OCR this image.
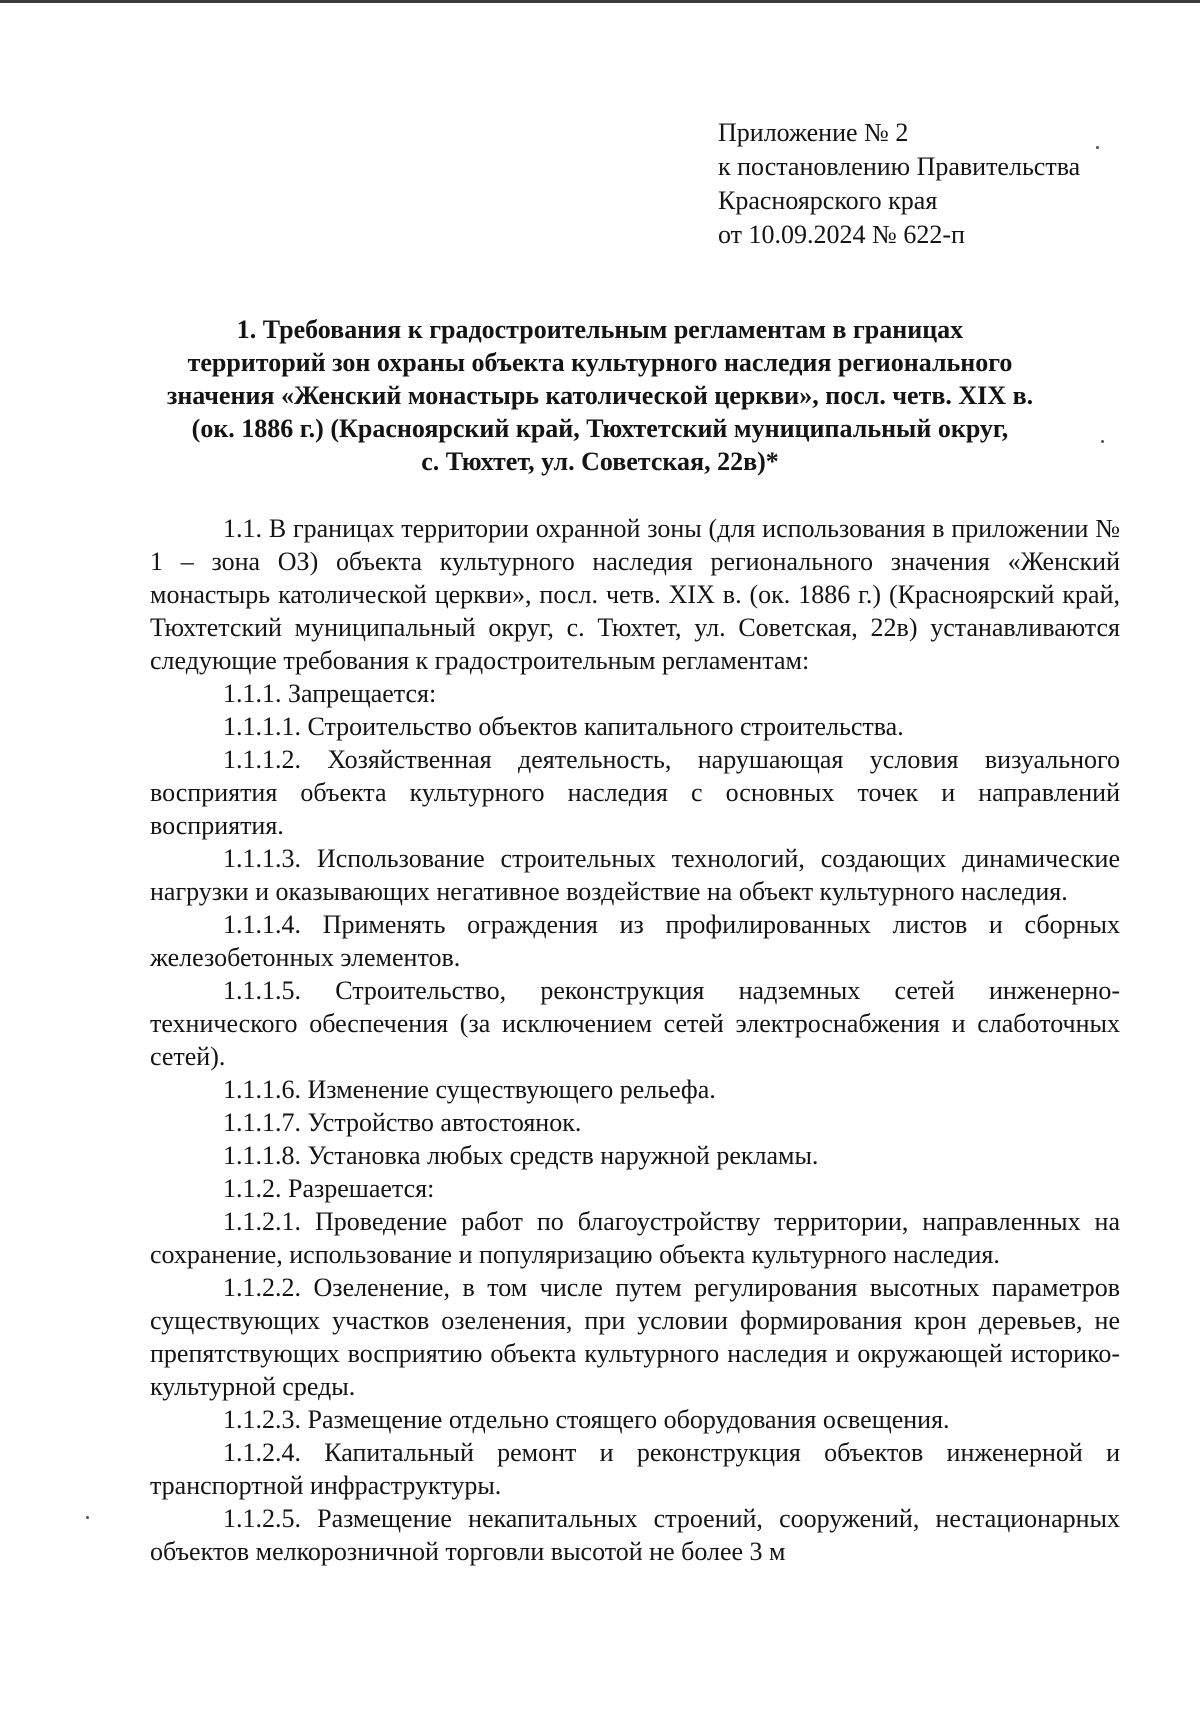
Приложение № 2
к постановлению Правительства
Красноярского края
от 10.09.2024 № 622-п
1. Требования к градостроительным регламентам в границах
территорий зон охраны объекта культурного наследия регионального
значения «Женский монастырь католической церкви», посл. четв. XIX в.
(ок. 1886 г.) (Красноярский край, Тюхтетский муниципальный округ,
с. Тюхтет, ул. Советская, 22в)*

1.1. В границах территории охранной зоны (для использования в приложении № 1 – зона ОЗ) объекта культурного наследия регионального значения «Женский монастырь католической церкви», посл. четв. XIX в. (ок. 1886 г.) (Красноярский край, Тюхтетский муниципальный округ, с. Тюхтет, ул. Советская, 22в) устанавливаются следующие требования к градостроительным регламентам:

1.1.1. Запрещается:

1.1.1.1. Строительство объектов капитального строительства.

1.1.1.2. Хозяйственная деятельность, нарушающая условия визуального восприятия объекта культурного наследия с основных точек и направлений восприятия.

1.1.1.3. Использование строительных технологий, создающих динамические нагрузки и оказывающих негативное воздействие на объект культурного наследия.

1.1.1.4. Применять ограждения из профилированных листов и сборных железобетонных элементов.

1.1.1.5. Строительство, реконструкция надземных сетей инженерно-технического обеспечения (за исключением сетей электроснабжения и слаботочных сетей).

1.1.1.6. Изменение существующего рельефа.

1.1.1.7. Устройство автостоянок.

1.1.1.8. Установка любых средств наружной рекламы.

1.1.2. Разрешается:

1.1.2.1. Проведение работ по благоустройству территории, направленных на сохранение, использование и популяризацию объекта культурного наследия.

1.1.2.2. Озеленение, в том числе путем регулирования высотных параметров существующих участков озеленения, при условии формирования крон деревьев, не препятствующих восприятию объекта культурного наследия и окружающей историко-культурной среды.

1.1.2.3. Размещение отдельно стоящего оборудования освещения.

1.1.2.4. Капитальный ремонт и реконструкция объектов инженерной и транспортной инфраструктуры.

1.1.2.5. Размещение некапитальных строений, сооружений, нестационарных объектов мелкорозничной торговли высотой не более 3 м
